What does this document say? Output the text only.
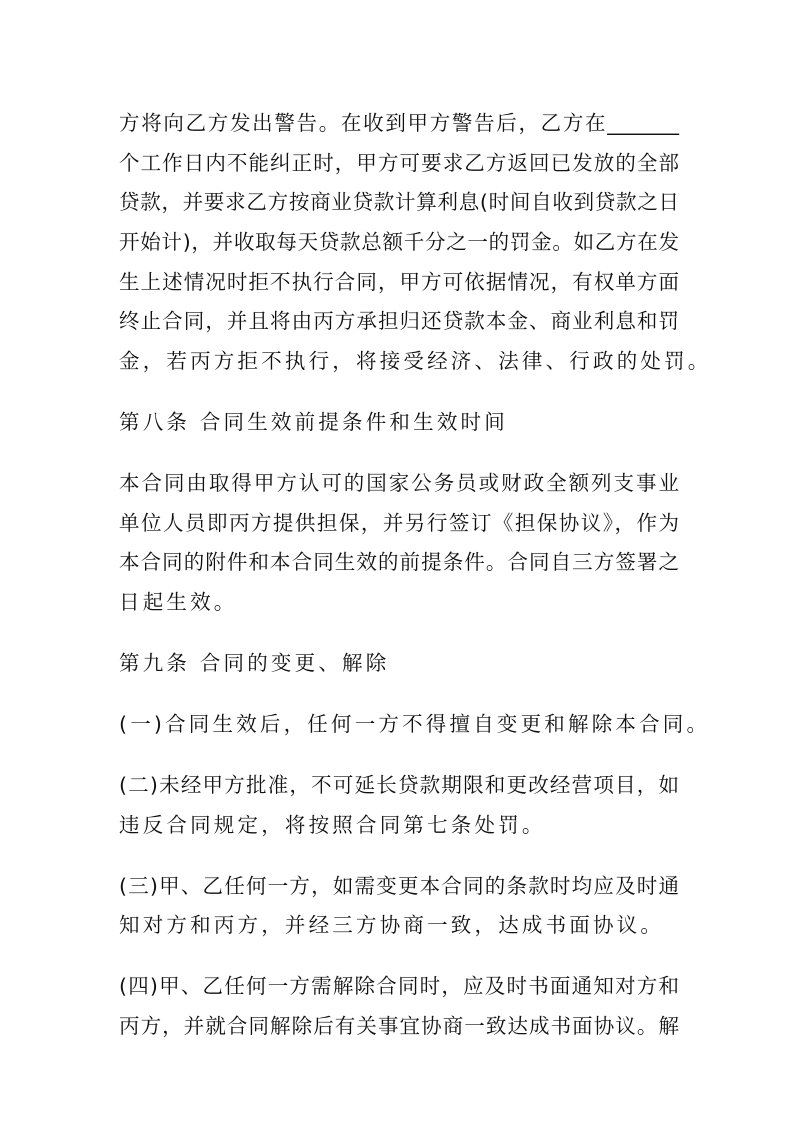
方将向乙方发出警告。在收到甲方警告后，乙方在_______
个工作日内不能纠正时，甲方可要求乙方返回已发放的全部
贷款，并要求乙方按商业贷款计算利息(时间自收到贷款之日
开始计)，并收取每天贷款总额千分之一的罚金。如乙方在发
生上述情况时拒不执行合同，甲方可依据情况，有权单方面
终止合同，并且将由丙方承担归还贷款本金、商业利息和罚
金，若丙方拒不执行，将接受经济、法律、行政的处罚。
第八条 合同生效前提条件和生效时间
本合同由取得甲方认可的国家公务员或财政全额列支事业
单位人员即丙方提供担保，并另行签订《担保协议》，作为
本合同的附件和本合同生效的前提条件。合同自三方签署之
日起生效。
第九条 合同的变更、解除
(一)合同生效后，任何一方不得擅自变更和解除本合同。
(二)未经甲方批准，不可延长贷款期限和更改经营项目，如
违反合同规定，将按照合同第七条处罚。
(三)甲、乙任何一方，如需变更本合同的条款时均应及时通
知对方和丙方，并经三方协商一致，达成书面协议。
(四)甲、乙任何一方需解除合同时，应及时书面通知对方和
丙方，并就合同解除后有关事宜协商一致达成书面协议。解
